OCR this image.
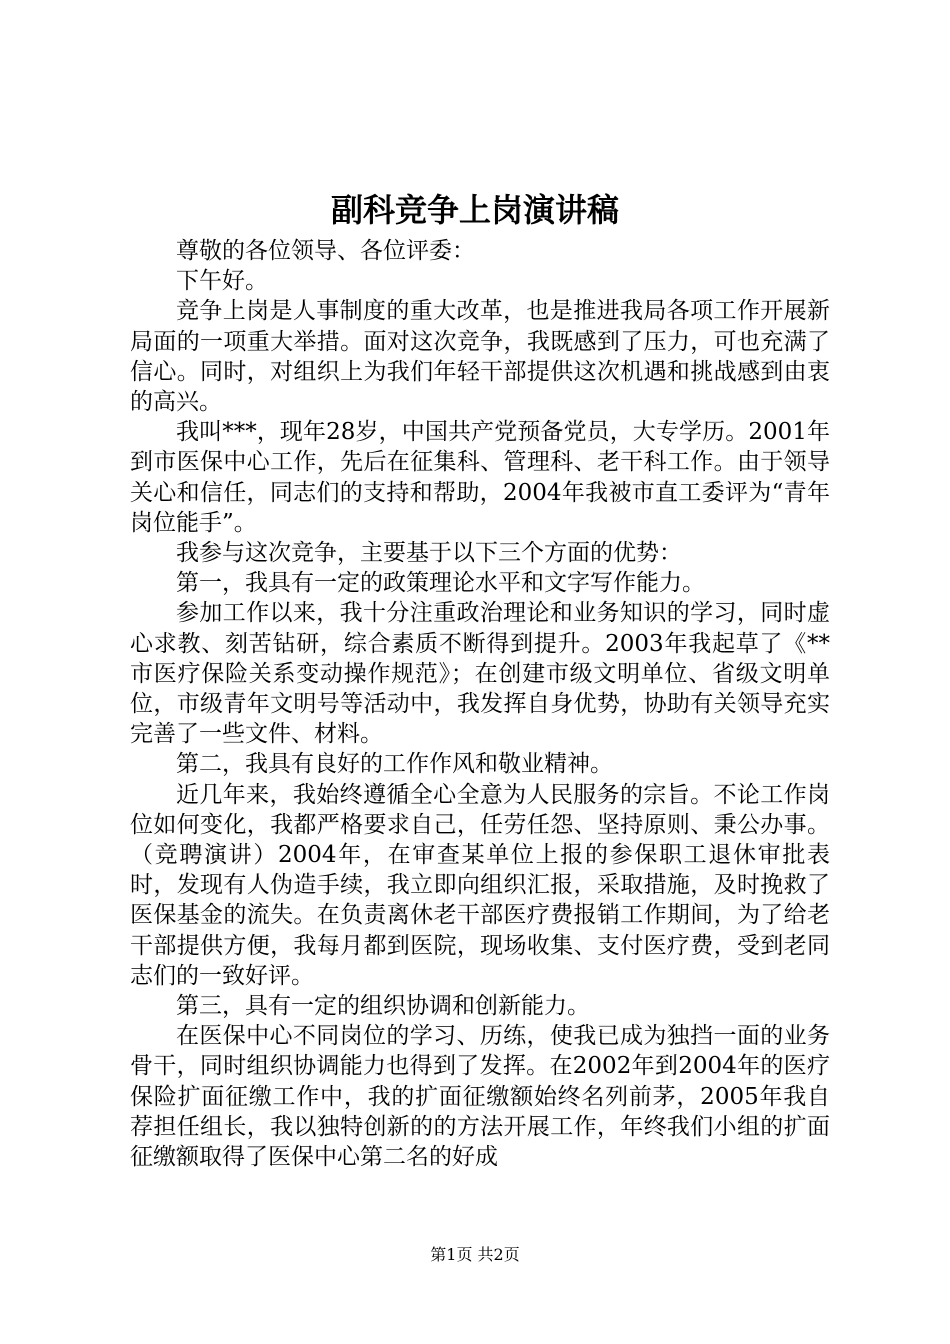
副科竞争上岗演讲稿

尊敬的各位领导、各位评委：

下午好。

竞争上岗是人事制度的重大改革，也是推进我局各项工作开展新局面的一项重大举措。面对这次竞争，我既感到了压力，可也充满了信心。同时，对组织上为我们年轻干部提供这次机遇和挑战感到由衷的高兴。

我叫***，现年28岁，中国共产党预备党员，大专学历。2001年到市医保中心工作，先后在征集科、管理科、老干科工作。由于领导关心和信任，同志们的支持和帮助，2004年我被市直工委评为“青年岗位能手”。

我参与这次竞争，主要基于以下三个方面的优势：

第一，我具有一定的政策理论水平和文字写作能力。

参加工作以来，我十分注重政治理论和业务知识的学习，同时虚心求教、刻苦钻研，综合素质不断得到提升。2003年我起草了《**市医疗保险关系变动操作规范》；在创建市级文明单位、省级文明单位，市级青年文明号等活动中，我发挥自身优势，协助有关领导充实完善了一些文件、材料。

第二，我具有良好的工作作风和敬业精神。

近几年来，我始终遵循全心全意为人民服务的宗旨。不论工作岗位如何变化，我都严格要求自己，任劳任怨、坚持原则、秉公办事。（竞聘演讲）2004年，在审查某单位上报的参保职工退休审批表时，发现有人伪造手续，我立即向组织汇报，采取措施，及时挽救了医保基金的流失。在负责离休老干部医疗费报销工作期间，为了给老干部提供方便，我每月都到医院，现场收集、支付医疗费，受到老同志们的一致好评。

第三，具有一定的组织协调和创新能力。

在医保中心不同岗位的学习、历练，使我已成为独挡一面的业务骨干，同时组织协调能力也得到了发挥。在2002年到2004年的医疗保险扩面征缴工作中，我的扩面征缴额始终名列前茅，2005年我自荐担任组长，我以独特创新的的方法开展工作，年终我们小组的扩面征缴额取得了医保中心第二名的好成

第1页 共2页
